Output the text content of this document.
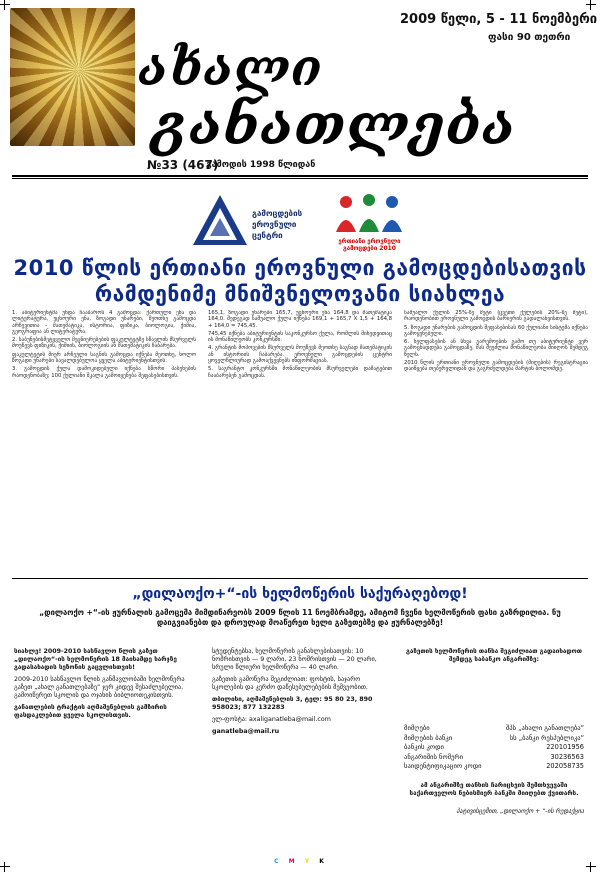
ახალი
განათლება
2009 წელი, 5 - 11 ნოემბერი
ფასი 90 თეთრი
№33 (467)
გამოდის 1998 წლიდან
გამოცდების ეროვნული ცენტრი
ერთიანი ეროვნული გამოცდები 2010
2010 წლის ერთიანი ეროვნული გამოცდებისათვის
რამდენიმე მნიშვნელოვანი სიახლეა

1. აბიტურიენტმა უნდა ჩააბაროს 4 გამოცდა: ქართული ენა და ლიტერატურა, უცხოური ენა, ზოგადი უნარები, მეოთხე გამოცდა არჩევითია - მათემატიკა, ისტორია, ფიზიკა, ბიოლოგია, ქიმია, გეოგრაფია ან ლიტერატურა.

2. საბუნებისმეტყველო მეცნიერებების ფაკულტეტზე სწავლის მსურველს მოუწევს ფიზიკის, ქიმიის, ბიოლოგიის ან მათემატიკის ჩაბარება.

ფაკულტეტის მიერ არჩეული საგნის გამოცდა იქნება მეოთხე, ხოლო ზოგადი უნარები სავალდებულოა ყველა აბიტურიენტისთვის.

3. გამოცდის ქულა დამოკიდებული იქნება სწორი პასუხების რაოდენობაზე; 100 ქულიანი შკალა გამოიყენება შეფასებისთვის.

165,1, ზოგადი უნარები 165,7, უცხოური ენა 164,8 და მათემატიკა 164,0. შედეგად საშუალო ქულა იქნება 169,1 + 165,7 X 1,5 + 164,8 + 164,0 = 745,45.

745,45 იქნება აბიტურიენტის საკონკურსო ქულა, რომლის მიხედვითაც ის მონაწილეობს კონკურსში.

4. გრანტის მოპოვების მსურველს მოუწევს მეოთხე საგნად მათემატიკის ან ისტორიის ჩაბარება. ეროვნული გამოცდების ცენტრი ყოველწლიურად გამოაქვეყნებს ინფორმაციას.

5. საგრანტო კონკურსში მონაწილეობის მსურველები დამატებით ჩააბარებენ გამოცდას.

საშუალო ქულის 25%-ზე მეტი (ცვეთი ქულების 20%-ზე მეტი), რაოდენობით ეროვნული გამოცდის ბარიერის გადალახვისთვის.

5. ზოგადი უნარების გამოცდის შეფასებისას 60 ქულიანი სისტემა იქნება გამოყენებული.

6. ხელფასების ან სხვა გარემოების გამო თუ აბიტურიენტი ვერ გამოცხადდება გამოცდაზე, მას შეუძლია მონაწილეობა მიიღოს შემდეგ წელს.

2010 წლის ერთიანი ეროვნული გამოცდების (მიღების) რეგისტრაცია დაიწყება თებერვლიდან და გაგრძელდება მარტის ბოლომდე.

„დილაოქო+“-ის ხელმოწერის საქურაღებოდ!
„დილაოქო +“-ის ჟურნალის გამოცემა მიმდინარეობს 2009 წლის 11 ნოემბრამდე, ამიტომ ჩვენი ხელმოწერის ფასი გაზრდილია. ნუ დაიგვიანებთ და დროულად მოაწერეთ ხელი გაზეთებზე და ჟურნალებზე!

სიახლე! 2009-2010 სასწავლო წლის გაზეთ „დილაოქო“-ის ხელმოწერის 18 მაისამდე ხარჯზე გადასახადის სეზონის გაცვლისთვის!

2009-2010 სასწავლო წლის განმავლობაში ხელმოწერა გაზეთ „ახალ განათლებაზე“ ჯერ კიდევ შესაძლებელია. გამოიწერეთ სკოლის და ოჯახის ბიბლიოთეკისთვის.

განათლების ტრაქტის აღმაშენებლის გამზირის ფასდაკლებით ყველა სკოლისთვის.

სტუდენტებსა, ხელმოწერის განახლებისათვის: 10 ნომრისთვის — 9 ლარი, 23 ნომრისთვის — 20 ლარი, სრული წლიური ხელმოწერა — 40 ლარი.

გაზეთის გამოწერა შეგიძლიათ: ფოსტის, საჯარო სკოლების და კერძო დაწესებულებების მეშვეობით.

თბილისი, აღმაშენებლის 3, ტელ: 95 80 23, 890 958023; 877 132283

ელ-ფოსტა: axaliganatleba@mail.com

ganatleba@mail.ru

გაზეთის ხელმოწერის თანხა შეგიძლიათ გადაიხადოთ შემდეგ საბანკო ანგარიშზე:

მიმღები	შპს „ახალი განათლება“
მიმღების ბანკი	სს „ბანკი რესპუბლიკა“
ბანკის კოდი	220101956
ანგარიშის ნომერი	30236563
საიდენტიფიკაციო კოდი	202058735
ამ ანგარიშზე თანხის ჩარიცხვის შემთხვევაში საქართველოს ნებისმიერ ბანკში მიიღებთ ქვითარს.
პატივისცემით, „დილაოქო + “-ის რედაქცია
C M Y K
